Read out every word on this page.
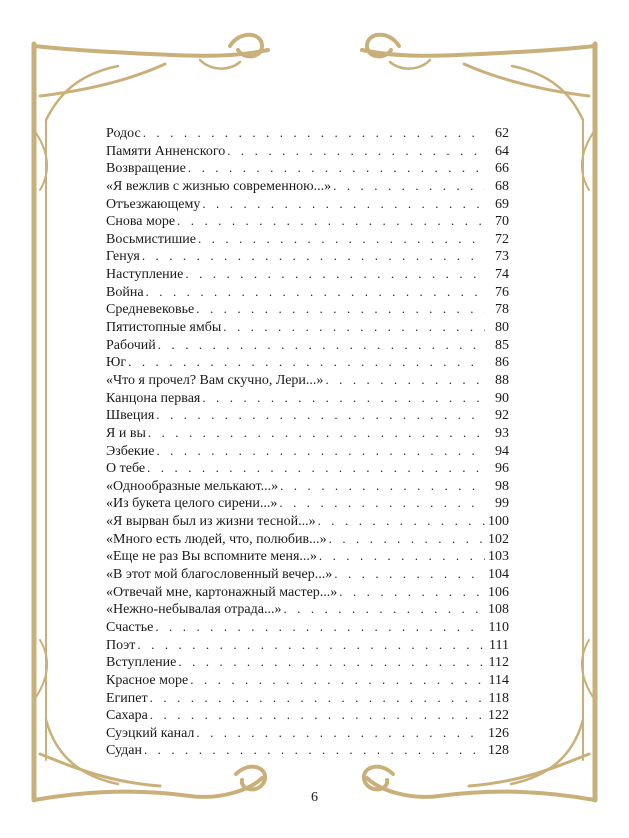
Родос . . .	62
Памяти Анненского . . .	64
Возвращение . . .	66
«Я вежлив с жизнью современною...» . . .	68
Отъезжающему . . .	69
Снова море . . .	70
Восьмистишие . . .	72
Генуя . . .	73
Наступление . . .	74
Война . . .	76
Средневековье . . .	78
Пятистопные ямбы . . .	80
Рабочий . . .	85
Юг . . .	86
«Что я прочел? Вам скучно, Лери...» . . .	88
Канцона первая . . .	90
Швеция . . .	92
Я и вы . . .	93
Эзбекие . . .	94
О тебе . . .	96
«Однообразные мелькают...» . . .	98
«Из букета целого сирени...» . . .	99
«Я вырван был из жизни тесной...» . . .	100
«Много есть людей, что, полюбив...» . . .	102
«Еще не раз Вы вспомните меня...» . . .	103
«В этот мой благословенный вечер...» . . .	104
«Отвечай мне, картонажный мастер...» . . .	106
«Нежно-небывалая отрада...» . . .	108
Счастье . . .	110
Поэт . . .	111
Вступление . . .	112
Красное море . . .	114
Египет . . .	118
Сахара . . .	122
Суэцкий канал . . .	126
Судан . . .	128
6
